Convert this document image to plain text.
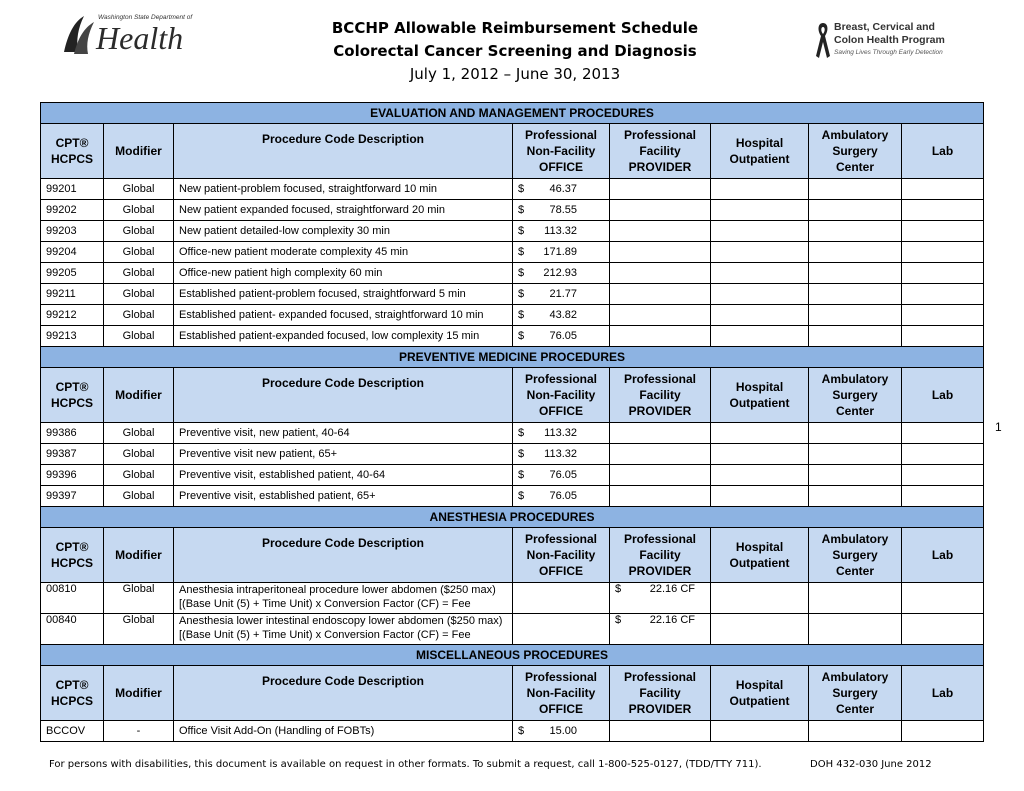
Washington State Department of
Health	BCCHP Allowable Reimbursement Schedule
Colorectal Cancer Screening and Diagnosis
July 1, 2012 – June 30, 2013
Breast, Cervical and
Colon Health Program
Saving Lives Through Early Detection
EVALUATION AND MANAGEMENT PROCEDURES							
CPT®
HCPCS	Modifier	Procedure Code Description	Professional
Non-Facility
OFFICE	Professional
Facility
PROVIDER	Hospital
Outpatient	Ambulatory
Surgery
Center	Lab
99201	Global	New patient-problem focused, straightforward 10 min	$ 46.37				

99202	Global	New patient expanded focused, straightforward 20 min	$ 78.55				

99203	Global	New patient detailed-low complexity 30 min	$ 113.32				

99204	Global	Office-new patient moderate complexity 45 min	$ 171.89				

99205	Global	Office-new patient high complexity 60 min	$ 212.93				

99211	Global	Established patient-problem focused, straightforward 5 min	$ 21.77				

99212	Global	Established patient- expanded focused, straightforward 10 min	$ 43.82				

99213	Global	Established patient-expanded focused, low complexity 15 min	$ 76.05				

PREVENTIVE MEDICINE PROCEDURES							
CPT®
HCPCS	Modifier	Procedure Code Description	Professional
Non-Facility
OFFICE	Professional
Facility
PROVIDER	Hospital
Outpatient	Ambulatory
Surgery
Center	Lab
99386	Global	Preventive visit, new patient, 40-64	$ 113.32				

99387	Global	Preventive visit new patient, 65+	$ 113.32				

99396	Global	Preventive visit, established patient, 40-64	$ 76.05				

99397	Global	Preventive visit, established patient, 65+	$ 76.05				

ANESTHESIA PROCEDURES							
CPT®
HCPCS	Modifier	Procedure Code Description	Professional
Non-Facility
OFFICE	Professional
Facility
PROVIDER	Hospital
Outpatient	Ambulatory
Surgery
Center	Lab
00810	Global	Anesthesia intraperitoneal procedure lower abdomen ($250 max)
[(Base Unit (5) + Time Unit) x Conversion Factor (CF) = Fee		$ 22.16 CF			

00840	Global	Anesthesia lower intestinal endoscopy lower abdomen ($250 max)
[(Base Unit (5) + Time Unit) x Conversion Factor (CF) = Fee		$ 22.16 CF			

MISCELLANEOUS PROCEDURES							
CPT®
HCPCS	Modifier	Procedure Code Description	Professional
Non-Facility
OFFICE	Professional
Facility
PROVIDER	Hospital
Outpatient	Ambulatory
Surgery
Center	Lab
BCCOV	-	Office Visit Add-On (Handling of FOBTs)	$ 15.00				

1
For persons with disabilities, this document is available on request in other formats. To submit a request, call 1-800-525-0127, (TDD/TTY 711).	DOH 432-030 June 2012
